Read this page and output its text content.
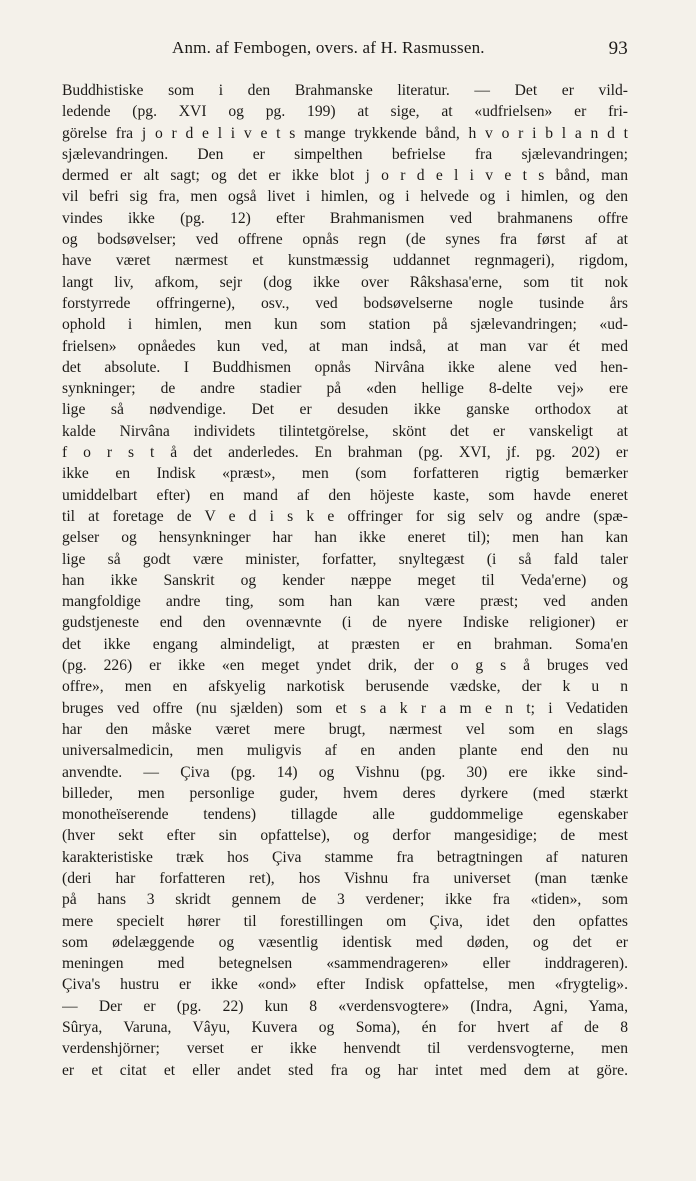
Anm. af Fembogen, overs. af H. Rasmussen.	93
Buddhistiske som i den Brahmanske literatur. — Det er vild-
ledende (pg. XVI og pg. 199) at sige, at «udfrielsen» er fri-
görelse fra j o r d e l i v e t s mange trykkende bånd, h v o r i b l a n d t
sjælevandringen. Den er simpelthen befrielse fra sjælevandringen;
dermed er alt sagt; og det er ikke blot j o r d e l i v e t s bånd, man
vil befri sig fra, men også livet i himlen, og i helvede og i himlen, og den
vindes ikke (pg. 12) efter Brahmanismen ved brahmanens offre
og bodsøvelser; ved offrene opnås regn (de synes fra først af at
have været nærmest et kunstmæssig uddannet regnmageri), rigdom,
langt liv, afkom, sejr (dog ikke over Râkshasa'erne, som tit nok
forstyrrede offringerne), osv., ved bodsøvelserne nogle tusinde års
ophold i himlen, men kun som station på sjælevandringen; «ud-
frielsen» opnåedes kun ved, at man indså, at man var ét med
det absolute. I Buddhismen opnås Nirvâna ikke alene ved hen-
synkninger; de andre stadier på «den hellige 8-delte vej» ere
lige så nødvendige. Det er desuden ikke ganske orthodox at
kalde Nirvâna individets tilintetgörelse, skönt det er vanskeligt at
f o r s t å det anderledes. En brahman (pg. XVI, jf. pg. 202) er
ikke en Indisk «præst», men (som forfatteren rigtig bemærker
umiddelbart efter) en mand af den höjeste kaste, som havde eneret
til at foretage de V e d i s k e offringer for sig selv og andre (spæ-
gelser og hensynkninger har han ikke eneret til); men han kan
lige så godt være minister, forfatter, snyltegæst (i så fald taler
han ikke Sanskrit og kender næppe meget til Veda'erne) og
mangfoldige andre ting, som han kan være præst; ved anden
gudstjeneste end den ovennævnte (i de nyere Indiske religioner) er
det ikke engang almindeligt, at præsten er en brahman. Soma'en
(pg. 226) er ikke «en meget yndet drik, der o g s å bruges ved
offre», men en afskyelig narkotisk berusende vædske, der k u n
bruges ved offre (nu sjælden) som et s a k r a m e n t; i Vedatiden
har den måske været mere brugt, nærmest vel som en slags
universalmedicin, men muligvis af en anden plante end den nu
anvendte. — Çiva (pg. 14) og Vishnu (pg. 30) ere ikke sind-
billeder, men personlige guder, hvem deres dyrkere (med stærkt
monotheïserende tendens) tillagde alle guddommelige egenskaber
(hver sekt efter sin opfattelse), og derfor mangesidige; de mest
karakteristiske træk hos Çiva stamme fra betragtningen af naturen
(deri har forfatteren ret), hos Vishnu fra universet (man tænke
på hans 3 skridt gennem de 3 verdener; ikke fra «tiden», som
mere specielt hører til forestillingen om Çiva, idet den opfattes
som ødelæggende og væsentlig identisk med døden, og det er
meningen med betegnelsen «sammendrageren» eller inddrageren).
Çiva's hustru er ikke «ond» efter Indisk opfattelse, men «frygtelig».
— Der er (pg. 22) kun 8 «verdensvogtere» (Indra, Agni, Yama,
Sûrya, Varuna, Vâyu, Kuvera og Soma), én for hvert af de 8
verdenshjörner; verset er ikke henvendt til verdensvogterne, men
er et citat et eller andet sted fra og har intet med dem at göre.
